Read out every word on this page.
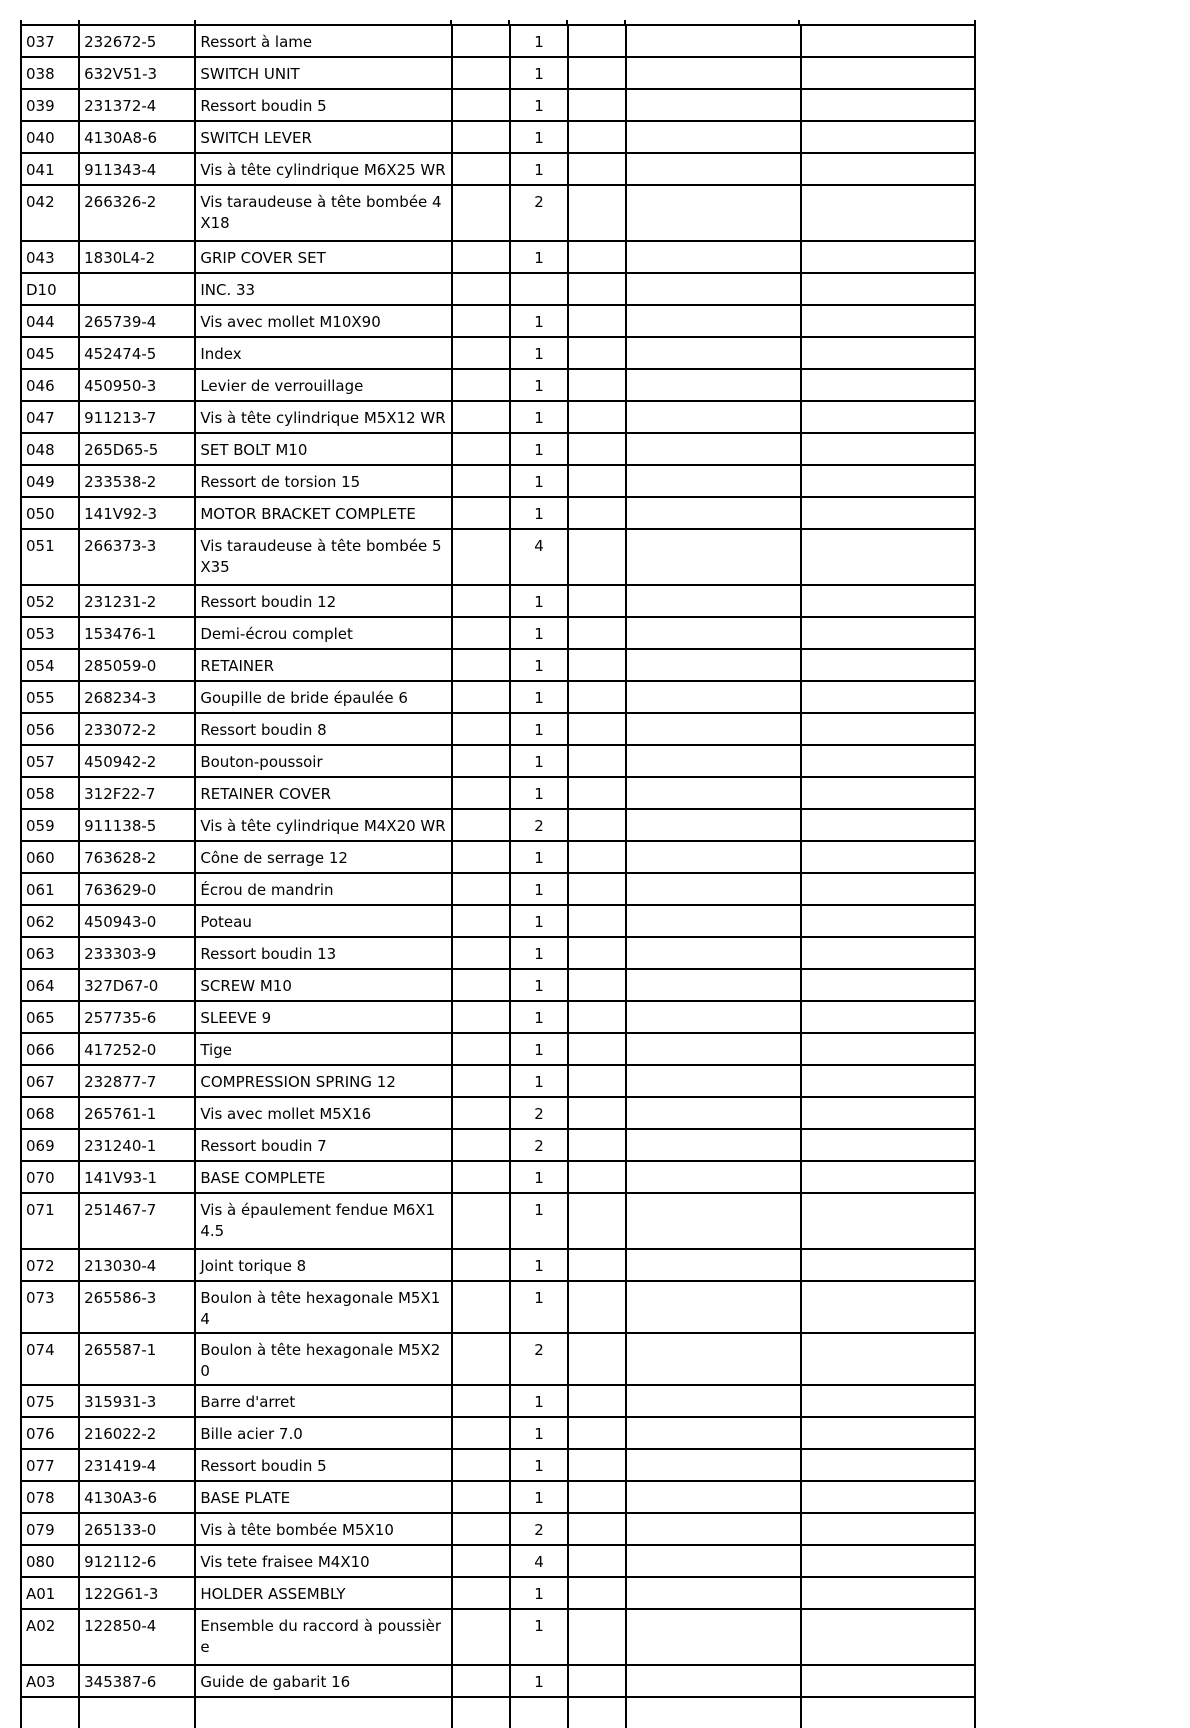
037	232672-5	Ressort à lame		1			
038	632V51-3	SWITCH UNIT		1			
039	231372-4	Ressort boudin 5		1			
040	4130A8-6	SWITCH LEVER		1			
041	911343-4	Vis à tête cylindrique M6X25 WR		1			
042	266326-2	Vis taraudeuse à tête bombée 4X18		2			
043	1830L4-2	GRIP COVER SET		1			
D10		INC. 33					
044	265739-4	Vis avec mollet M10X90		1			
045	452474-5	Index		1			
046	450950-3	Levier de verrouillage		1			
047	911213-7	Vis à tête cylindrique M5X12 WR		1			
048	265D65-5	SET BOLT M10		1			
049	233538-2	Ressort de torsion 15		1			
050	141V92-3	MOTOR BRACKET COMPLETE		1			
051	266373-3	Vis taraudeuse à tête bombée 5X35		4			
052	231231-2	Ressort boudin 12		1			
053	153476-1	Demi-écrou complet		1			
054	285059-0	RETAINER		1			
055	268234-3	Goupille de bride épaulée 6		1			
056	233072-2	Ressort boudin 8		1			
057	450942-2	Bouton-poussoir		1			
058	312F22-7	RETAINER COVER		1			
059	911138-5	Vis à tête cylindrique M4X20 WR		2			
060	763628-2	Cône de serrage 12		1			
061	763629-0	Écrou de mandrin		1			
062	450943-0	Poteau		1			
063	233303-9	Ressort boudin 13		1			
064	327D67-0	SCREW M10		1			
065	257735-6	SLEEVE 9		1			
066	417252-0	Tige		1			
067	232877-7	COMPRESSION SPRING 12		1			
068	265761-1	Vis avec mollet M5X16		2			
069	231240-1	Ressort boudin 7		2			
070	141V93-1	BASE COMPLETE		1			
071	251467-7	Vis à épaulement fendue M6X14.5		1			
072	213030-4	Joint torique 8		1			
073	265586-3	Boulon à tête hexagonale M5X14		1			
074	265587-1	Boulon à tête hexagonale M5X20		2			
075	315931-3	Barre d'arret		1			
076	216022-2	Bille acier 7.0		1			
077	231419-4	Ressort boudin 5		1			
078	4130A3-6	BASE PLATE		1			
079	265133-0	Vis à tête bombée M5X10		2			
080	912112-6	Vis tete fraisee M4X10		4			
A01	122G61-3	HOLDER ASSEMBLY		1			
A02	122850-4	Ensemble du raccord à poussière		1			
A03	345387-6	Guide de gabarit 16		1			
